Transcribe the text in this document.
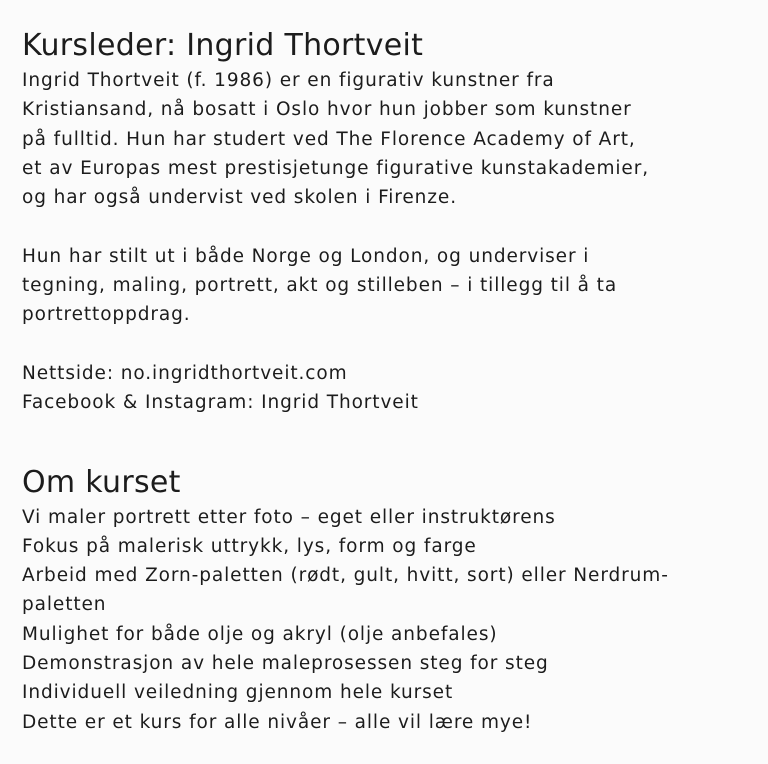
Kursleder: Ingrid Thortveit

Ingrid Thortveit (f. 1986) er en figurativ kunstner fra

Kristiansand, nå bosatt i Oslo hvor hun jobber som kunstner

på fulltid. Hun har studert ved The Florence Academy of Art,

et av Europas mest prestisjetunge figurative kunstakademier,

og har også undervist ved skolen i Firenze.

Hun har stilt ut i både Norge og London, og underviser i

tegning, maling, portrett, akt og stilleben – i tillegg til å ta

portrettoppdrag.

Nettside: no.ingridthortveit.com

Facebook & Instagram: Ingrid Thortveit

Om kurset

Vi maler portrett etter foto – eget eller instruktørens

Fokus på malerisk uttrykk, lys, form og farge

Arbeid med Zorn-paletten (rødt, gult, hvitt, sort) eller Nerdrum-

paletten

Mulighet for både olje og akryl (olje anbefales)

Demonstrasjon av hele maleprosessen steg for steg

Individuell veiledning gjennom hele kurset

Dette er et kurs for alle nivåer – alle vil lære mye!
